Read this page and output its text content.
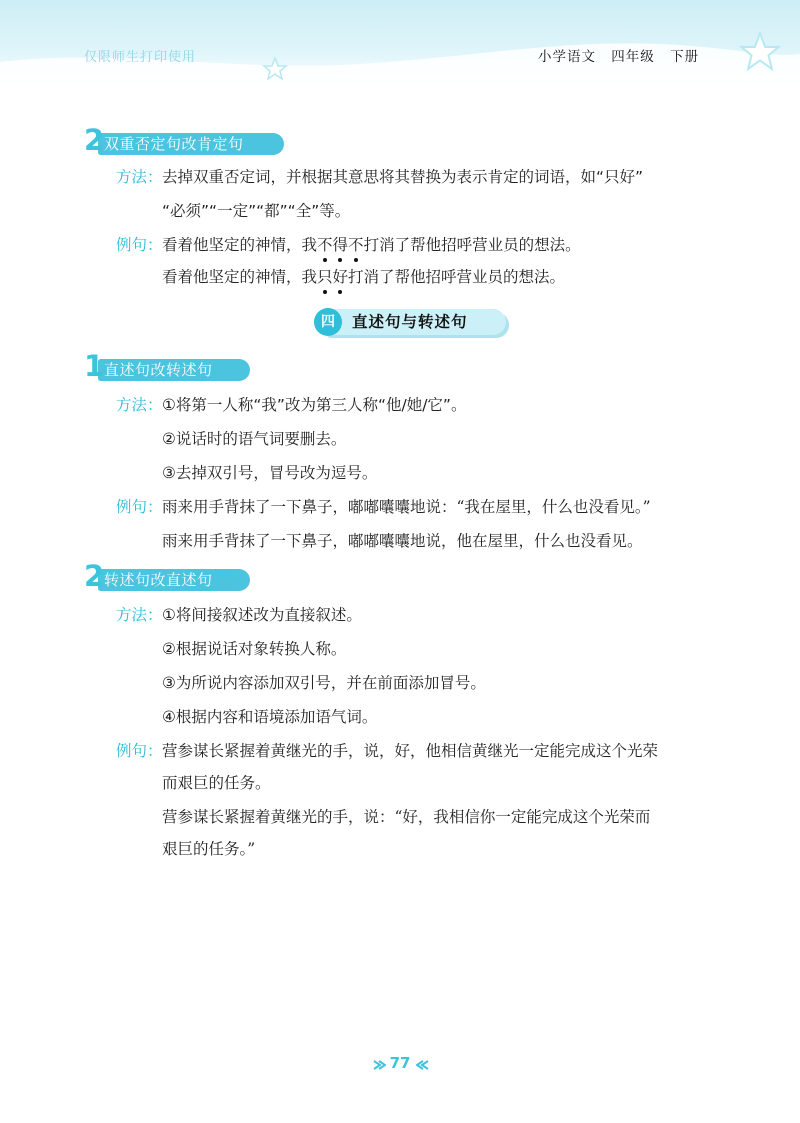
仅限师生打印使用	小学语文 四年级 下册
2 双重否定句改肯定句
方法： 去掉双重否定词，并根据其意思将其替换为表示肯定的词语，如“只好”
“必须”“一定”“都”“全”等。
例句： 看着他坚定的神情，我不得不打消了帮他招呼营业员的想法。
看着他坚定的神情，我只好打消了帮他招呼营业员的想法。
四	直述句与转述句
1 直述句改转述句
方法： ①将第一人称“我”改为第三人称“他/她/它”。
②说话时的语气词要删去。
③去掉双引号，冒号改为逗号。
例句： 雨来用手背抹了一下鼻子，嘟嘟囔囔地说：“我在屋里，什么也没看见。”
雨来用手背抹了一下鼻子，嘟嘟囔囔地说，他在屋里，什么也没看见。
2 转述句改直述句
方法： ①将间接叙述改为直接叙述。
②根据说话对象转换人称。
③为所说内容添加双引号，并在前面添加冒号。
④根据内容和语境添加语气词。
例句： 营参谋长紧握着黄继光的手，说，好，他相信黄继光一定能完成这个光荣
而艰巨的任务。
营参谋长紧握着黄继光的手，说：“好，我相信你一定能完成这个光荣而
艰巨的任务。”
77
